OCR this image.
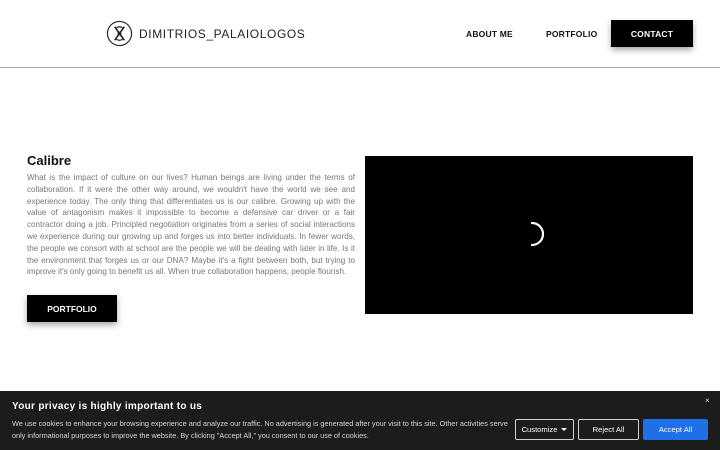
DIMITRIOS_PALAIOLOGOS	ABOUT ME	PORTFOLIO	CONTACT
Calibre

What is the impact of culture on our lives? Human beings are living under the terms of collaboration. If it were the other way around, we wouldn't have the world we see and experience today. The only thing that differentiates us is our calibre. Growing up with the value of antagonism makes it impossible to become a defensive car driver or a fair contractor doing a job. Principled negotiation originates from a series of social interactions we experience during our growing up and forges us into better individuals. In fewer words, the people we consort with at school are the people we will be dealing with later in life. Is it the environment that forges us or our DNA? Maybe it's a fight between both, but trying to improve it's only going to benefit us all. When true collaboration happens, people flourish.

PORTFOLIO
Your privacy is highly important to us
We use cookies to enhance your browsing experience and analyze our traffic. No advertising is generated after your visit to this site. Other activities serve only informational purposes to improve the website. By clicking "Accept All," you consent to our use of cookies.
×
Customize	Reject All	Accept All
